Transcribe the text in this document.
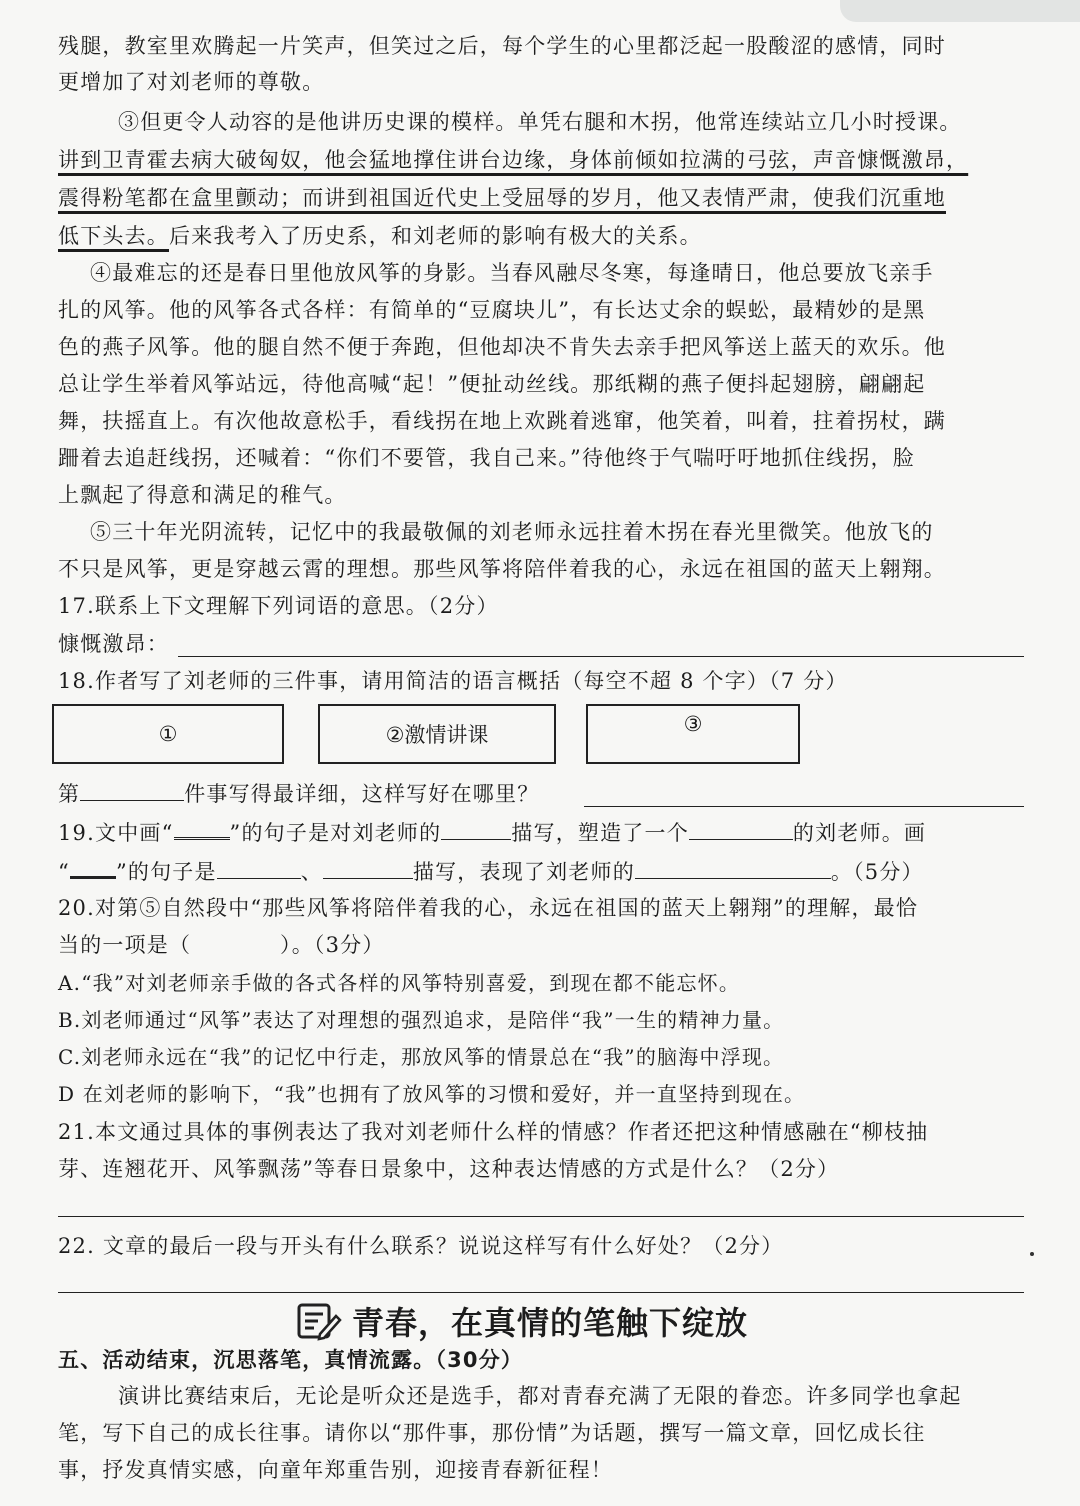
残腿，教室里欢腾起一片笑声，但笑过之后，每个学生的心里都泛起一股酸涩的感情，同时
更增加了对刘老师的尊敬。
③但更令人动容的是他讲历史课的模样。单凭右腿和木拐，他常连续站立几小时授课。
讲到卫青霍去病大破匈奴，他会猛地撑住讲台边缘，身体前倾如拉满的弓弦，声音慷慨激昂，
震得粉笔都在盒里颤动；而讲到祖国近代史上受屈辱的岁月，他又表情严肃，使我们沉重地
低下头去。后来我考入了历史系，和刘老师的影响有极大的关系。
④最难忘的还是春日里他放风筝的身影。当春风融尽冬寒，每逢晴日，他总要放飞亲手
扎的风筝。他的风筝各式各样：有简单的“豆腐块儿”，有长达丈余的蜈蚣，最精妙的是黑
色的燕子风筝。他的腿自然不便于奔跑，但他却决不肯失去亲手把风筝送上蓝天的欢乐。他
总让学生举着风筝站远，待他高喊“起！”便扯动丝线。那纸糊的燕子便抖起翅膀，翩翩起
舞，扶摇直上。有次他故意松手，看线拐在地上欢跳着逃窜，他笑着，叫着，拄着拐杖，蹒
跚着去追赶线拐，还喊着：“你们不要管，我自己来。”待他终于气喘吁吁地抓住线拐，脸
上飘起了得意和满足的稚气。
⑤三十年光阴流转，记忆中的我最敬佩的刘老师永远拄着木拐在春光里微笑。他放飞的
不只是风筝，更是穿越云霄的理想。那些风筝将陪伴着我的心，永远在祖国的蓝天上翱翔。
17.联系上下文理解下列词语的意思。（2分）
慷慨激昂：
18.作者写了刘老师的三件事，请用简洁的语言概括（每空不超 8 个字）（7 分）
①	②激情讲课	③
第	件事写得最详细，这样写好在哪里？
19.文中画“	”的句子是对刘老师的	描写，塑造了一个	的刘老师。画
“ ”的句子是	、	描写，表现了刘老师的	。（5分）
20.对第⑤自然段中“那些风筝将陪伴着我的心，永远在祖国的蓝天上翱翔”的理解，最恰
当的一项是（　　　　）。（3分）
A.“我”对刘老师亲手做的各式各样的风筝特别喜爱，到现在都不能忘怀。
B.刘老师通过“风筝”表达了对理想的强烈追求，是陪伴“我”一生的精神力量。
C.刘老师永远在“我”的记忆中行走，那放风筝的情景总在“我”的脑海中浮现。
D 在刘老师的影响下，“我”也拥有了放风筝的习惯和爱好，并一直坚持到现在。
21.本文通过具体的事例表达了我对刘老师什么样的情感？作者还把这种情感融在“柳枝抽
芽、连翘花开、风筝飘荡”等春日景象中，这种表达情感的方式是什么？（2分）
22. 文章的最后一段与开头有什么联系？说说这样写有什么好处？（2分）
青春，在真情的笔触下绽放
五、活动结束，沉思落笔，真情流露。（30分）
演讲比赛结束后，无论是听众还是选手，都对青春充满了无限的眷恋。许多同学也拿起
笔，写下自己的成长往事。请你以“那件事，那份情”为话题，撰写一篇文章，回忆成长往
事，抒发真情实感，向童年郑重告别，迎接青春新征程！
